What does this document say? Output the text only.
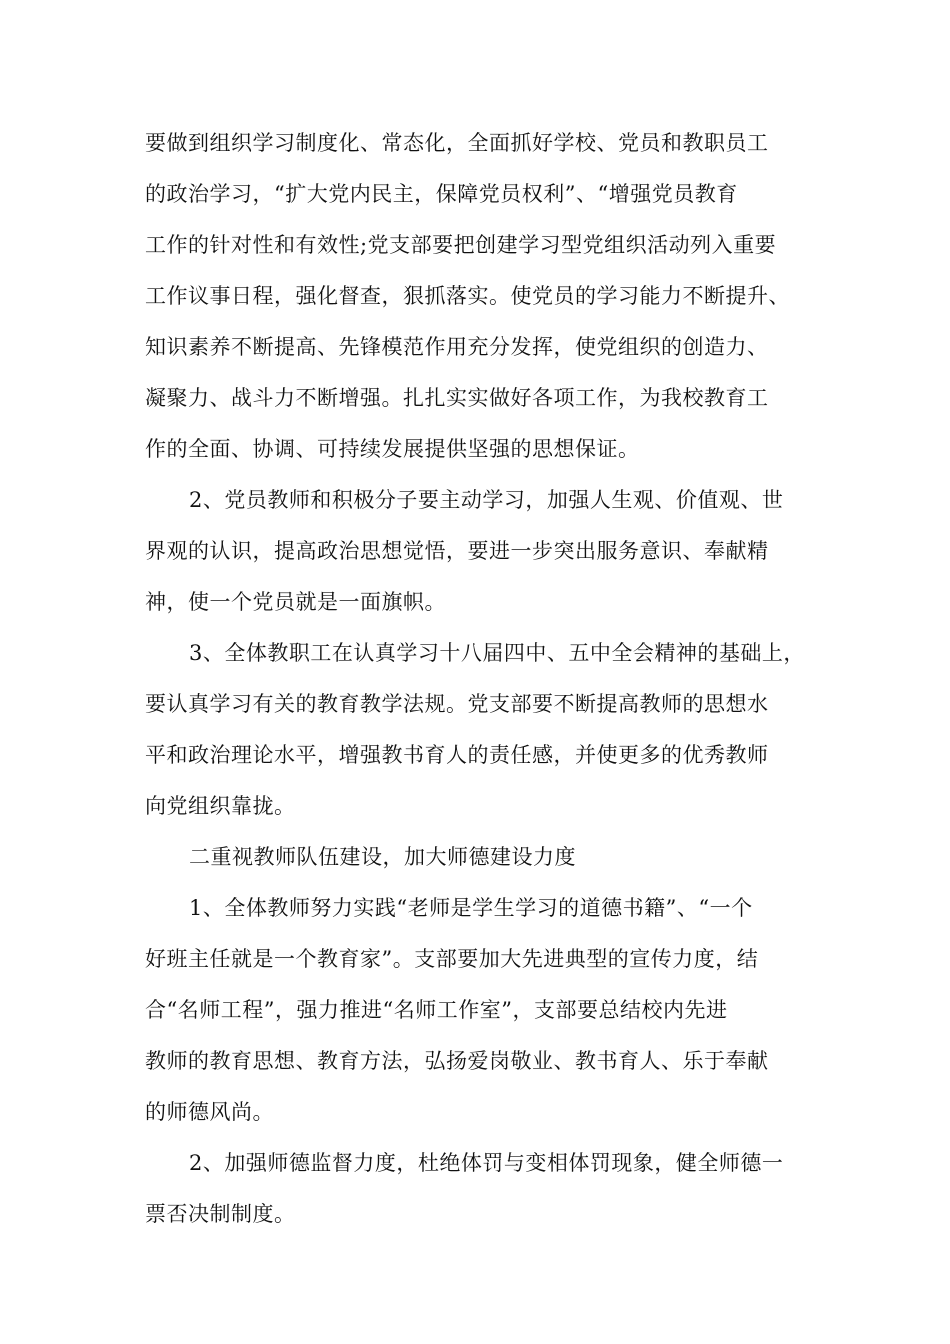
要做到组织学习制度化、常态化，全面抓好学校、党员和教职员工
的政治学习，“扩大党内民主，保障党员权利”、“增强党员教育
工作的针对性和有效性;党支部要把创建学习型党组织活动列入重要
工作议事日程，强化督查，狠抓落实。使党员的学习能力不断提升、
知识素养不断提高、先锋模范作用充分发挥，使党组织的创造力、
凝聚力、战斗力不断增强。扎扎实实做好各项工作，为我校教育工
作的全面、协调、可持续发展提供坚强的思想保证。
2、党员教师和积极分子要主动学习，加强人生观、价值观、世
界观的认识，提高政治思想觉悟，要进一步突出服务意识、奉献精
神，使一个党员就是一面旗帜。
3、全体教职工在认真学习十八届四中、五中全会精神的基础上，
要认真学习有关的教育教学法规。党支部要不断提高教师的思想水
平和政治理论水平，增强教书育人的责任感，并使更多的优秀教师
向党组织靠拢。
二重视教师队伍建设，加大师德建设力度
1、全体教师努力实践“老师是学生学习的道德书籍”、“一个
好班主任就是一个教育家”。支部要加大先进典型的宣传力度，结
合“名师工程”，强力推进“名师工作室”，支部要总结校内先进
教师的教育思想、教育方法，弘扬爱岗敬业、教书育人、乐于奉献
的师德风尚。
2、加强师德监督力度，杜绝体罚与变相体罚现象，健全师德一
票否决制制度。
